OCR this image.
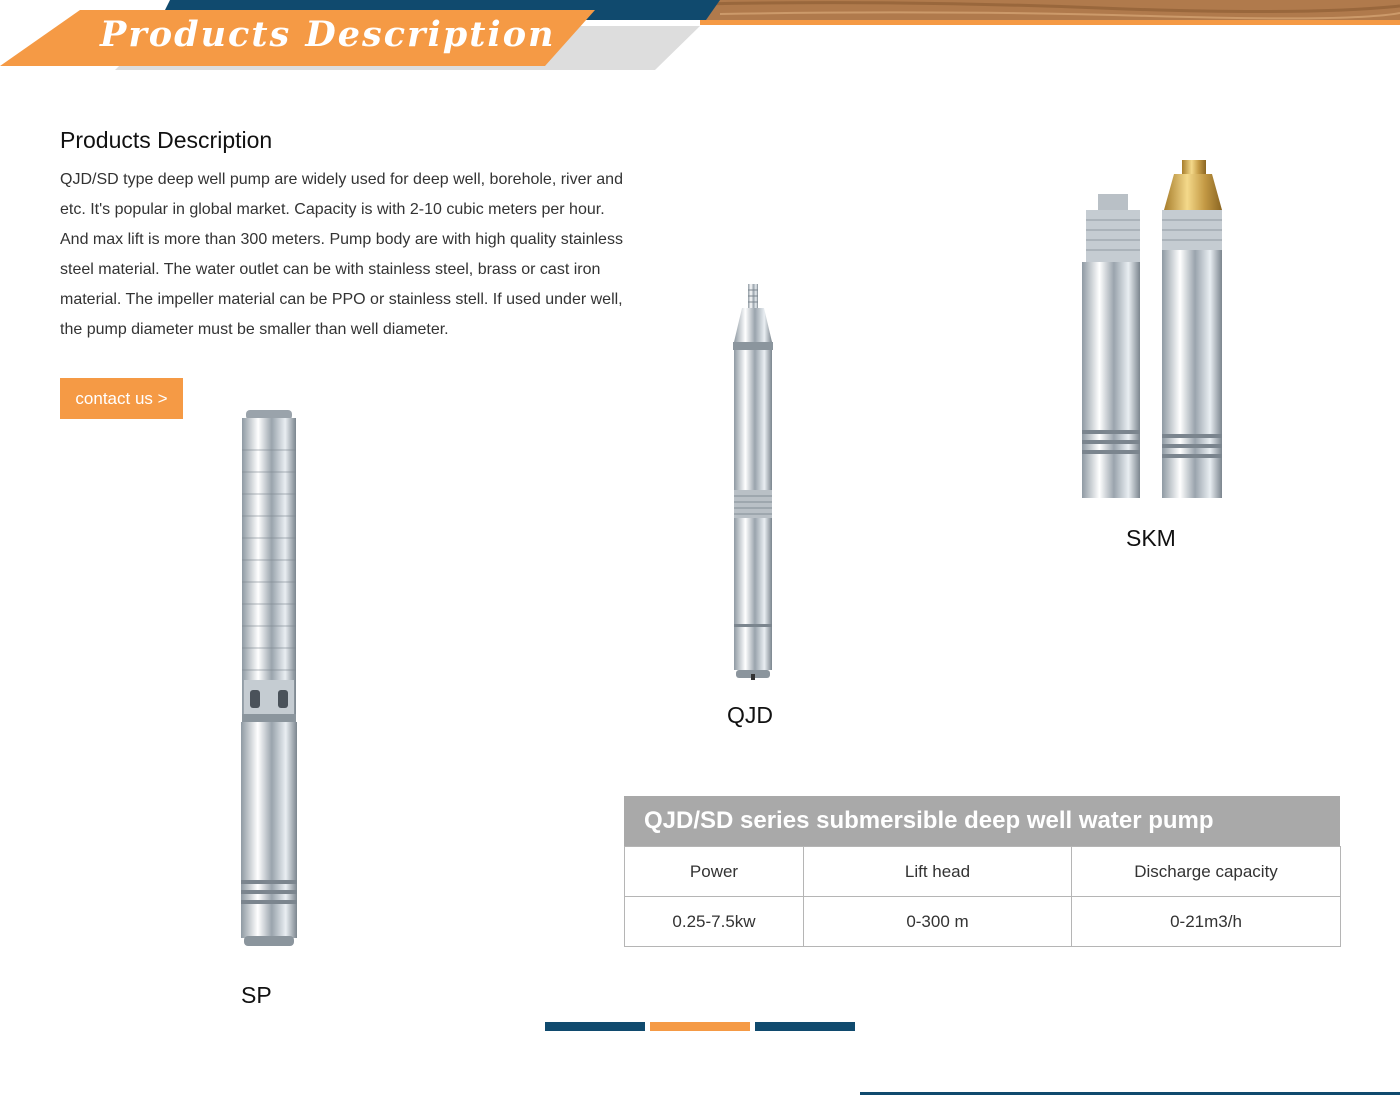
Products Description
Products Description

QJD/SD type deep well pump are widely used for deep well, borehole, river and etc. It's popular in global market. Capacity is with 2-10 cubic meters per hour. And max lift is more than 300 meters. Pump body are with high quality stainless steel material. The water outlet can be with stainless steel, brass or cast iron material. The impeller material can be PPO or stainless stell. If used under well, the pump diameter must be smaller than well diameter.

contact us >
SP
QJD
SKM
QJD/SD series submersible deep well water pump
Power	Lift head	Discharge capacity
0.25-7.5kw	0-300 m	0-21m3/h
